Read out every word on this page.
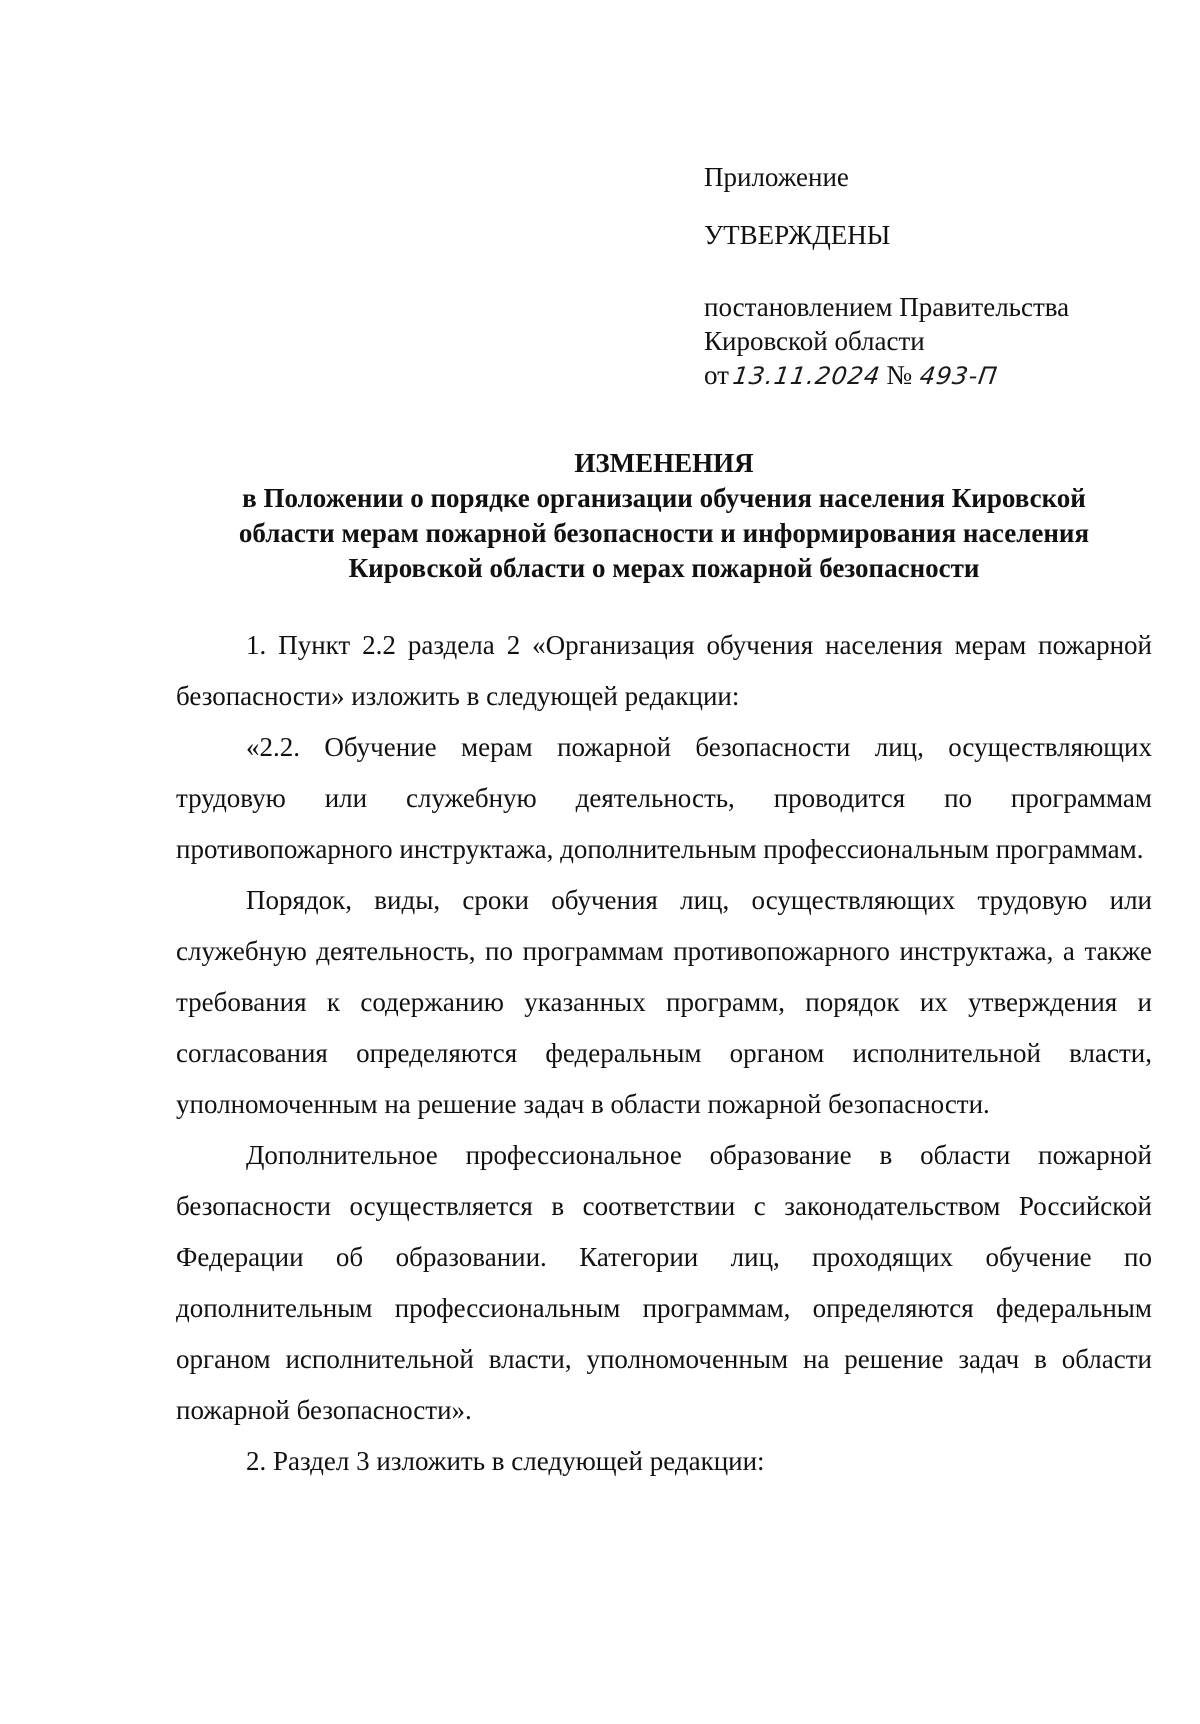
Приложение
УТВЕРЖДЕНЫ
постановлением Правительства
Кировской области
от13.11.2024 № 493-П
ИЗМЕНЕНИЯ
в Положении о порядке организации обучения населения Кировской
области мерам пожарной безопасности и информирования населения
Кировской области о мерах пожарной безопасности

1. Пункт 2.2 раздела 2 «Организация обучения населения мерам пожарной безопасности» изложить в следующей редакции:

«2.2. Обучение мерам пожарной безопасности лиц, осуществляющих трудовую или служебную деятельность, проводится по программам противопожарного инструктажа, дополнительным профессиональным программам.

Порядок, виды, сроки обучения лиц, осуществляющих трудовую или служебную деятельность, по программам противопожарного инструктажа, а также требования к содержанию указанных программ, порядок их утверждения и согласования определяются федеральным органом исполнительной власти, уполномоченным на решение задач в области пожарной безопасности.

Дополнительное профессиональное образование в области пожарной безопасности осуществляется в соответствии с законодательством Российской Федерации об образовании. Категории лиц, проходящих обучение по дополнительным профессиональным программам, определяются федеральным органом исполнительной власти, уполномоченным на решение задач в области пожарной безопасности».

2. Раздел 3 изложить в следующей редакции:
